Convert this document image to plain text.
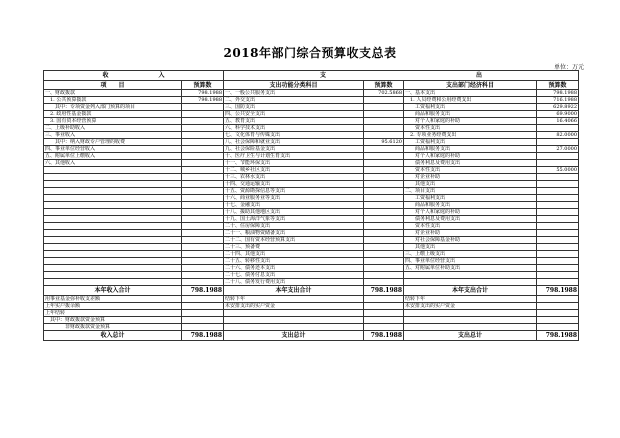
2018年部门综合预算收支总表
单位：万元
收 入		支 出			
项　　目	预算数	支出功能分类科目	预算数	支出部门经济科目	预算数
一、财政拨款	798.1988	一、一般公共服务支出	702.5868	一、基本支出	798.1988
　1. 公共预算拨款	798.1988	二、外交支出		　1. 人员经费和公用经费支出	716.1988
　　其中：专项资金列入部门预算的项目		三、国防支出		　　工资福利支出	629.8922
　2. 政府性基金拨款		四、公共安全支出		　　商品和服务支出	69.9000
　3. 国有资本经营预算		五、教育支出		　　对个人和家庭的补助	16.4066
二、上级补助收入		六、科学技术支出		　　资本性支出	
三、事业收入		七、文化体育与传媒支出		　2. 专项业务经费支出	82.0000
　　其中：纳入财政专户管理的收费		八、社会保障和就业支出	95.6120	　　工资福利支出	
四、事业单位经营收入		九、社会保险基金支出		　　商品和服务支出	27.0000
五、附属单位上缴收入		十、医疗卫生与计划生育支出		　　对个人和家庭的补助	
六、其他收入		十一、节能环保支出		　　债务利息及费用支出	
		十二、城乡社区支出		　　资本性支出	55.0000
		十三、农林水支出		　　对企业补助	
		十四、交通运输支出		　　其他支出	
		十五、资源勘探信息等支出		二、项目支出	
		十六、商业服务业等支出		　　工资福利支出	
		十七、金融支出		　　商品和服务支出	
		十八、援助其他地区支出		　　对个人和家庭的补助	
		十九、国土海洋气象等支出		　　债务利息及费用支出	
		二十、住房保障支出		　　资本性支出	
		二十一、粮油物资储备支出		　　对企业补助	
		二十二、国有资本经营预算支出		　　对社会保障基金补助	
		二十三、预备费		　　其他支出	
		二十四、其他支出		三、上缴上级支出	
		二十五、转移性支出		四、事业单位经营支出	
		二十六、债务还本支出		五、对附属单位补助支出	
		二十七、债务付息支出			
		二十八、债务发行费用支出			
本年收入合计	798.1988	本年支出合计	798.1988	本年支出合计	798.1988
用事业基金弥补收支差额		结转下年		结转下年	
上年实户拨余额		未安排支出的实户资金		未安排支出的实户资金	
上年结转					
　其中：财政拨款资金预算					
　　　　非财政拨款资金预算					
收入总计	798.1988	支出总计	798.1988	支出总计	798.1988
